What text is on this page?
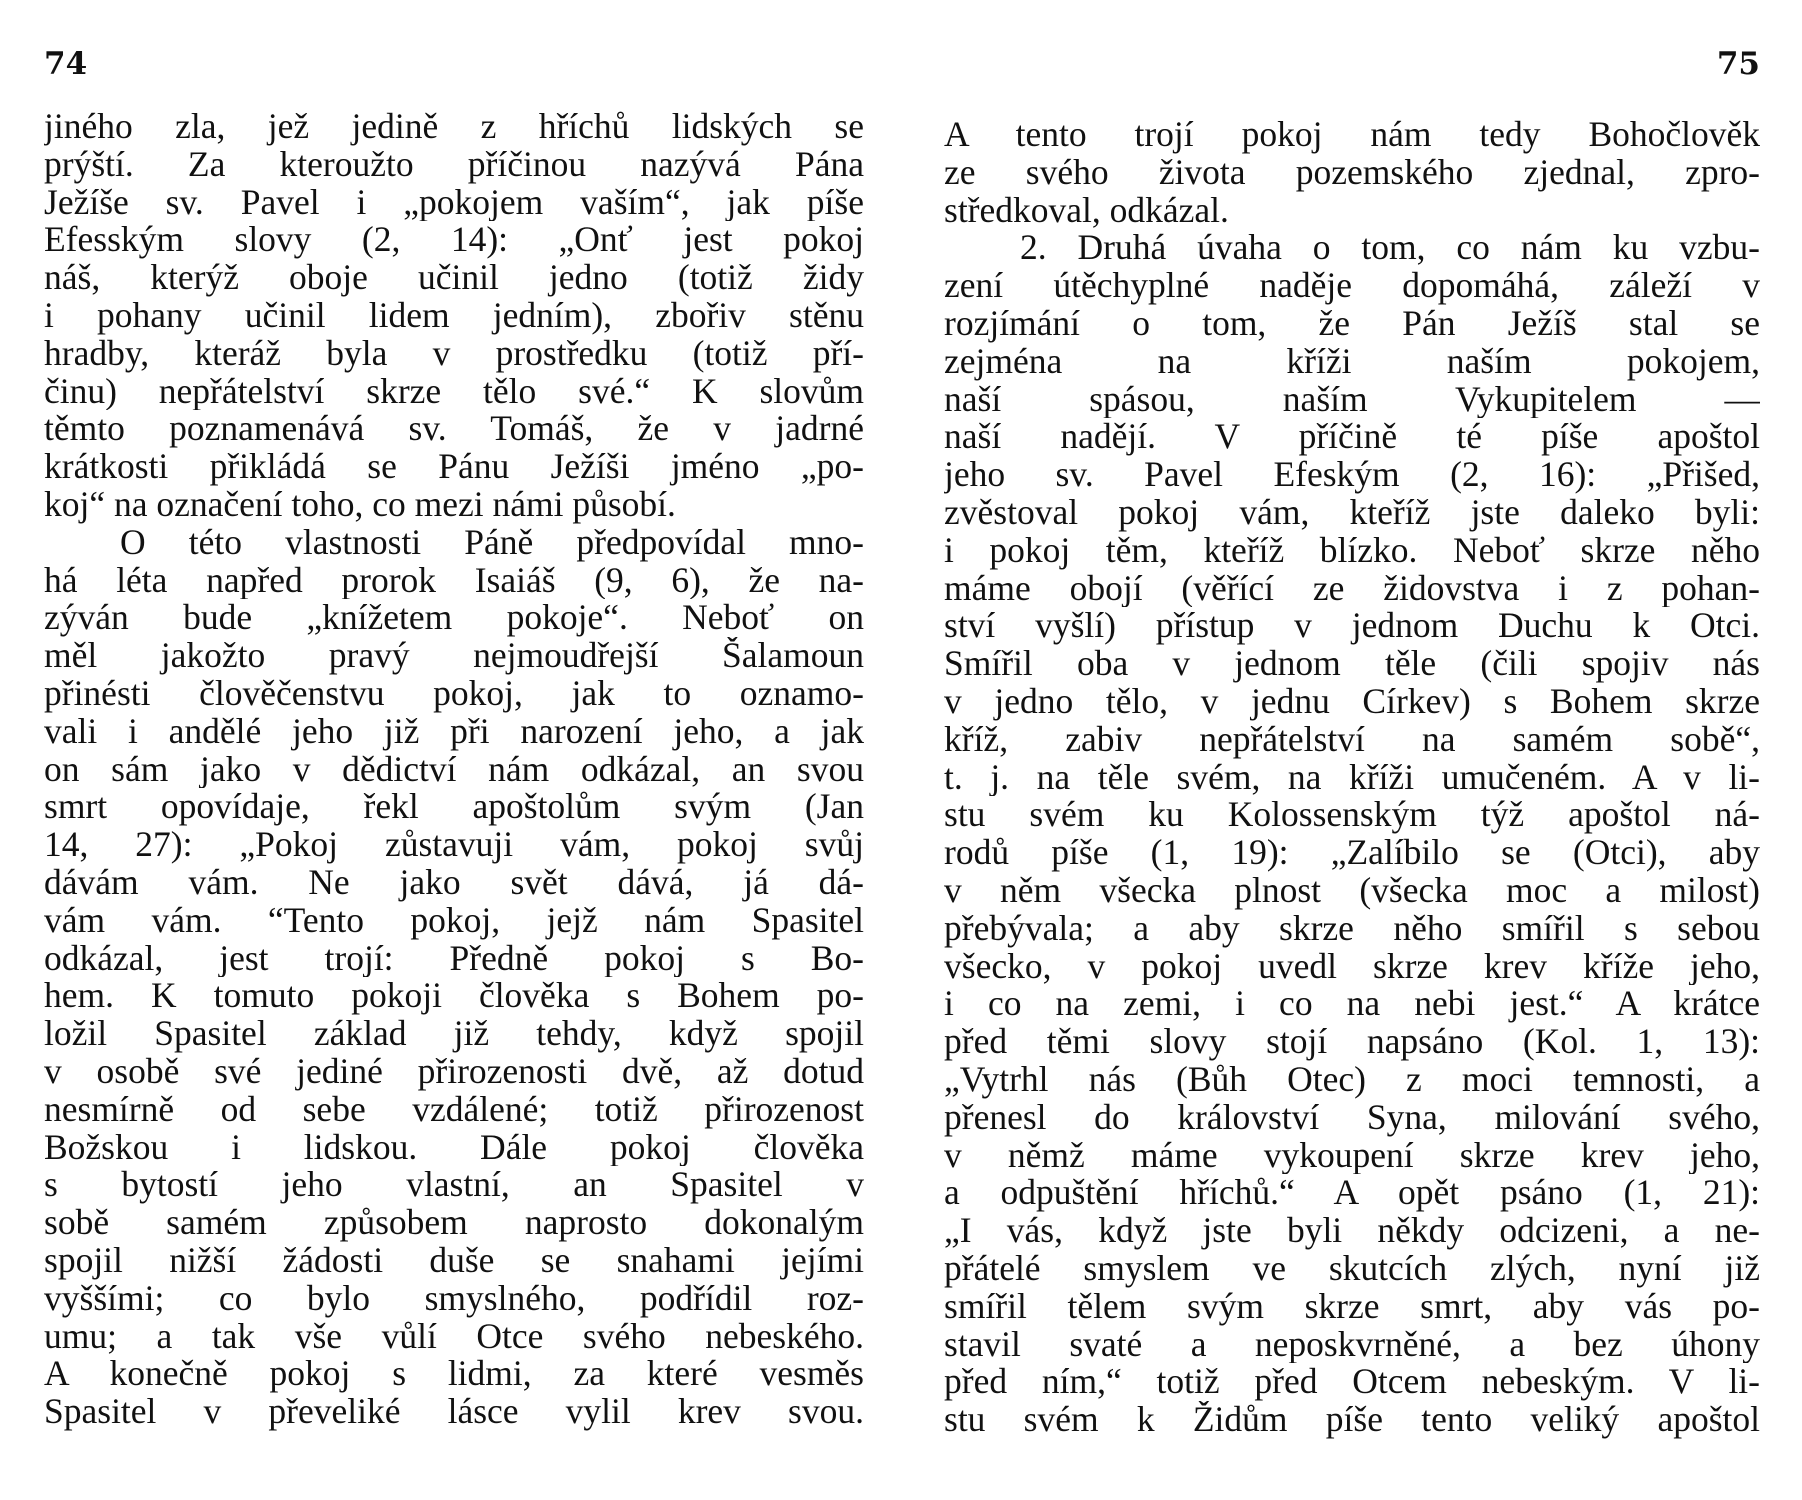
74
jiného zla, jež jedině z hříchů lidských se
prýští. Za kteroužto příčinou nazývá Pána
Ježíše sv. Pavel i „pokojem vaším“, jak píše
Efesským slovy (2, 14): „Onť jest pokoj
náš, kterýž oboje učinil jedno (totiž židy
i pohany učinil lidem jedním), zbořiv stěnu
hradby, kteráž byla v prostředku (totiž pří-
činu) nepřátelství skrze tělo své.“ K slovům
těmto poznamenává sv. Tomáš, že v jadrné
krátkosti přikládá se Pánu Ježíši jméno „po-
koj“ na označení toho, co mezi námi působí.
O této vlastnosti Páně předpovídal mno-
há léta napřed prorok Isaiáš (9, 6), že na-
zýván bude „knížetem pokoje“. Neboť on
měl jakožto pravý nejmoudřejší Šalamoun
přinésti člověčenstvu pokoj, jak to oznamo-
vali i andělé jeho již při narození jeho, a jak
on sám jako v dědictví nám odkázal, an svou
smrt opovídaje, řekl apoštolům svým (Jan
14, 27): „Pokoj zůstavuji vám, pokoj svůj
dávám vám. Ne jako svět dává, já dá-
vám vám. “Tento pokoj, jejž nám Spasitel
odkázal, jest trojí: Předně pokoj s Bo-
hem. K tomuto pokoji člověka s Bohem po-
ložil Spasitel základ již tehdy, když spojil
v osobě své jediné přirozenosti dvě, až dotud
nesmírně od sebe vzdálené; totiž přirozenost
Božskou i lidskou. Dále pokoj člověka
s bytostí jeho vlastní, an Spasitel v
sobě samém způsobem naprosto dokonalým
spojil nižší žádosti duše se snahami jejími
vyššími; co bylo smyslného, podřídil roz-
umu; a tak vše vůlí Otce svého nebeského.
A konečně pokoj s lidmi, za které vesměs
Spasitel v převeliké lásce vylil krev svou.
75
A tento trojí pokoj nám tedy Bohočlověk
ze svého života pozemského zjednal, zpro-
středkoval, odkázal.
2. Druhá úvaha o tom, co nám ku vzbu-
zení útěchyplné naděje dopomáhá, záleží v
rozjímání o tom, že Pán Ježíš stal se
zejména na kříži naším pokojem,
naší spásou, naším Vykupitelem —
naší nadějí. V příčině té píše apoštol
jeho sv. Pavel Efeským (2, 16): „Přišed,
zvěstoval pokoj vám, kteříž jste daleko byli:
i pokoj těm, kteříž blízko. Neboť skrze něho
máme obojí (věřící ze židovstva i z pohan-
ství vyšlí) přístup v jednom Duchu k Otci.
Smířil oba v jednom těle (čili spojiv nás
v jedno tělo, v jednu Církev) s Bohem skrze
kříž, zabiv nepřátelství na samém sobě“,
t. j. na těle svém, na kříži umučeném. A v li-
stu svém ku Kolossenským týž apoštol ná-
rodů píše (1, 19): „Zalíbilo se (Otci), aby
v něm všecka plnost (všecka moc a milost)
přebývala; a aby skrze něho smířil s sebou
všecko, v pokoj uvedl skrze krev kříže jeho,
i co na zemi, i co na nebi jest.“ A krátce
před těmi slovy stojí napsáno (Kol. 1, 13):
„Vytrhl nás (Bůh Otec) z moci temnosti, a
přenesl do království Syna, milování svého,
v němž máme vykoupení skrze krev jeho,
a odpuštění hříchů.“ A opět psáno (1, 21):
„I vás, když jste byli někdy odcizeni, a ne-
přátelé smyslem ve skutcích zlých, nyní již
smířil tělem svým skrze smrt, aby vás po-
stavil svaté a neposkvrněné, a bez úhony
před ním,“ totiž před Otcem nebeským. V li-
stu svém k Židům píše tento veliký apoštol
